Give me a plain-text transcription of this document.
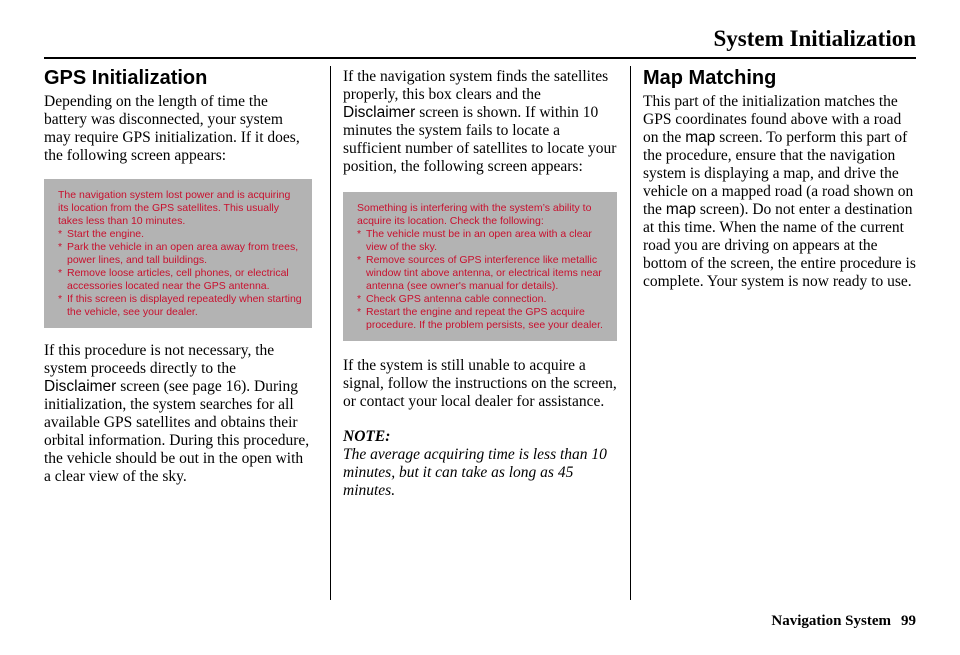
System Initialization
GPS Initialization

Depending on the length of time the battery was disconnected, your system may require GPS initialization. If it does, the following screen appears:

The navigation system lost power and is acquiring its location from the GPS satellites. This usually takes less than 10 minutes.
* Start the engine.
* Park the vehicle in an open area away from trees, power lines, and tall buildings.
* Remove loose articles, cell phones, or electrical accessories located near the GPS antenna.
* If this screen is displayed repeatedly when starting the vehicle, see your dealer.

If this procedure is not necessary, the system proceeds directly to the Disclaimer screen (see page 16). During initialization, the system searches for all available GPS satellites and obtains their orbital information. During this procedure, the vehicle should be out in the open with a clear view of the sky.

If the navigation system finds the satellites properly, this box clears and the Disclaimer screen is shown. If within 10 minutes the system fails to locate a sufficient number of satellites to locate your position, the following screen appears:

Something is interfering with the system’s ability to acquire its location. Check the following:
* The vehicle must be in an open area with a clear view of the sky.
* Remove sources of GPS interference like metallic window tint above antenna, or electrical items near antenna (see owner's manual for details).
* Check GPS antenna cable connection.
* Restart the engine and repeat the GPS acquire procedure. If the problem persists, see your dealer.

If the system is still unable to acquire a signal, follow the instructions on the screen, or contact your local dealer for assistance.

NOTE:

The average acquiring time is less than 10 minutes, but it can take as long as 45 minutes.

Map Matching

This part of the initialization matches the GPS coordinates found above with a road on the map screen. To perform this part of the procedure, ensure that the navigation system is displaying a map, and drive the vehicle on a mapped road (a road shown on the map screen). Do not enter a destination at this time. When the name of the current road you are driving on appears at the bottom of the screen, the entire procedure is complete. Your system is now ready to use.

Navigation System 99
